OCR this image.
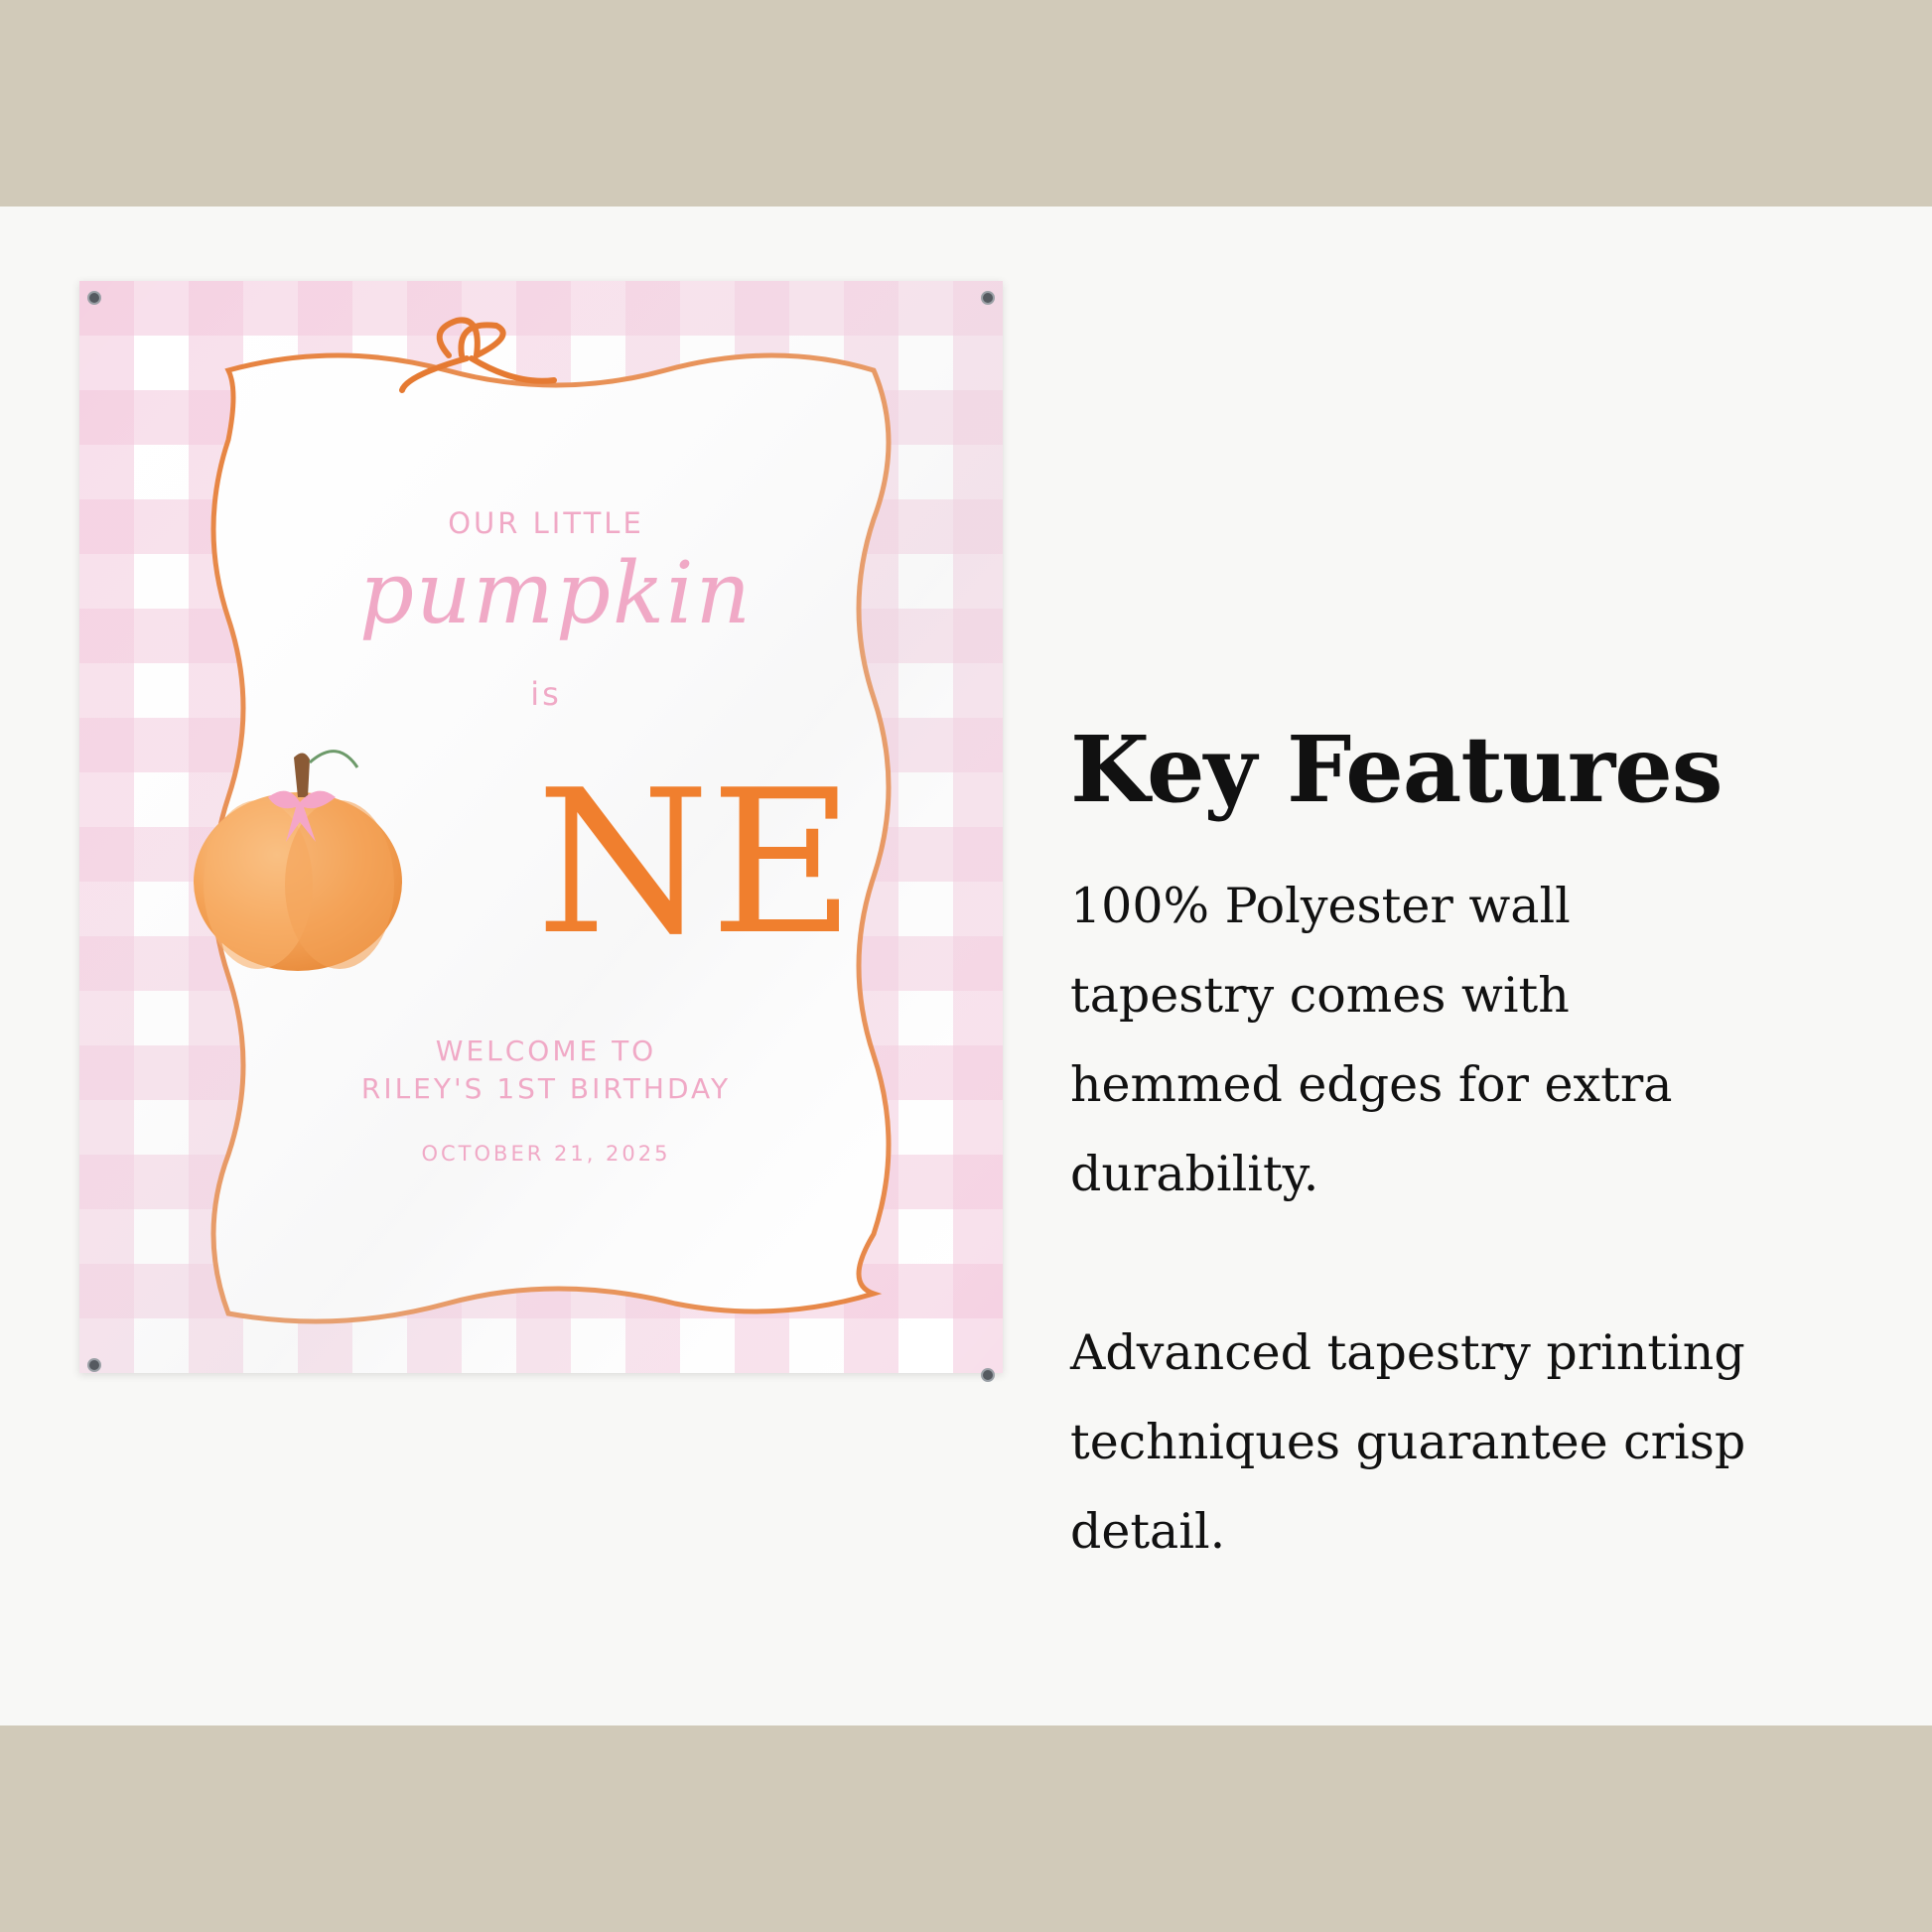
OUR LITTLE
pumpkin
is
NE
WELCOME TO
RILEY'S 1ST BIRTHDAY
OCTOBER 21, 2025
Key Features

100% Polyester wall
tapestry comes with
hemmed edges for extra
durability.

Advanced tapestry printing
techniques guarantee crisp
detail.
